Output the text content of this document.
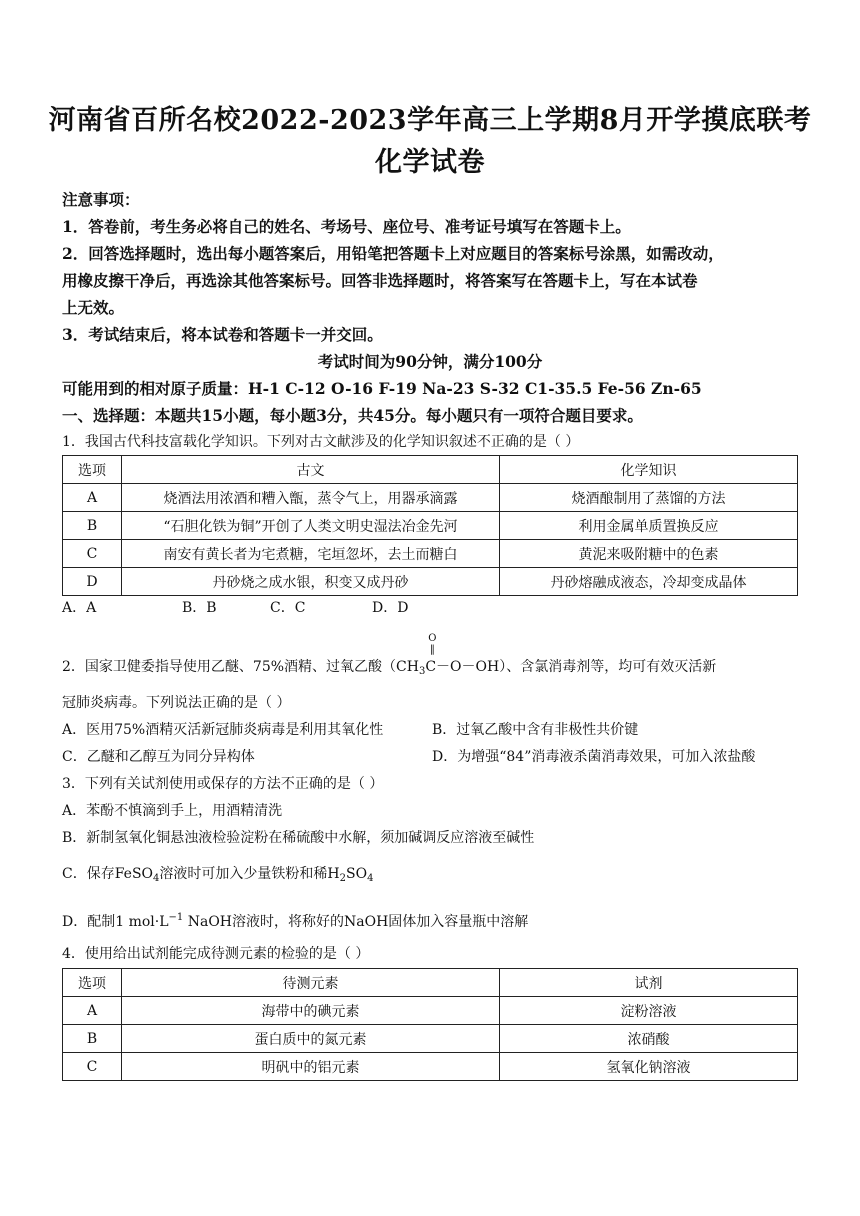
河南省百所名校2022-2023学年高三上学期8月开学摸底联考
化学试卷
注意事项：
1．答卷前，考生务必将自己的姓名、考场号、座位号、准考证号填写在答题卡上。
2．回答选择题时，选出每小题答案后，用铅笔把答题卡上对应题目的答案标号涂黑，如需改动，
用橡皮擦干净后，再选涂其他答案标号。回答非选择题时，将答案写在答题卡上，写在本试卷
上无效。
3．考试结束后，将本试卷和答题卡一并交回。
考试时间为90分钟，满分100分
可能用到的相对原子质量：H-1 C-12 O-16 F-19 Na-23 S-32 C1-35.5 Fe-56 Zn-65
一、选择题：本题共15小题，每小题3分，共45分。每小题只有一项符合题目要求。
1．我国古代科技富载化学知识。下列对古文献涉及的化学知识叙述不正确的是（ ）
选项	古文	化学知识
A	烧酒法用浓酒和糟入甑，蒸令气上，用器承滴露	烧酒酿制用了蒸馏的方法
B	“石胆化铁为铜”开创了人类文明史湿法冶金先河	利用金属单质置换反应
C	南安有黄长者为宅煮糖，宅垣忽坏，去土而糖白	黄泥来吸附糖中的色素
D	丹砂烧之成水银，积变又成丹砂	丹砂熔融成液态，冷却变成晶体
A．A	B．B	C．C	D．D
2．国家卫健委指导使用乙醚、75%酒精、过氧乙酸（$CH_3$
O
‖
C－O－OH）、含氯消毒剂等，均可有效灭活新
冠肺炎病毒。下列说法正确的是（ ）
A．医用75%酒精灭活新冠肺炎病毒是利用其氧化性	B．过氧乙酸中含有非极性共价键
C．乙醚和乙醇互为同分异构体	D．为增强“84”消毒液杀菌消毒效果，可加入浓盐酸
3．下列有关试剂使用或保存的方法不正确的是（ ）
A．苯酚不慎滴到手上，用酒精清洗
B．新制氢氧化铜悬浊液检验淀粉在稀硫酸中水解，须加碱调反应溶液至碱性
C．保存FeSO$_4$溶液时可加入少量铁粉和稀$H_2SO_4$
D．配制1 $mol\cdot L^{-1}$ NaOH溶液时，将称好的NaOH固体加入容量瓶中溶解
4．使用给出试剂能完成待测元素的检验的是（ ）
选项	待测元素	试剂
A	海带中的碘元素	淀粉溶液
B	蛋白质中的氮元素	浓硝酸
C	明矾中的铝元素	氢氧化钠溶液
